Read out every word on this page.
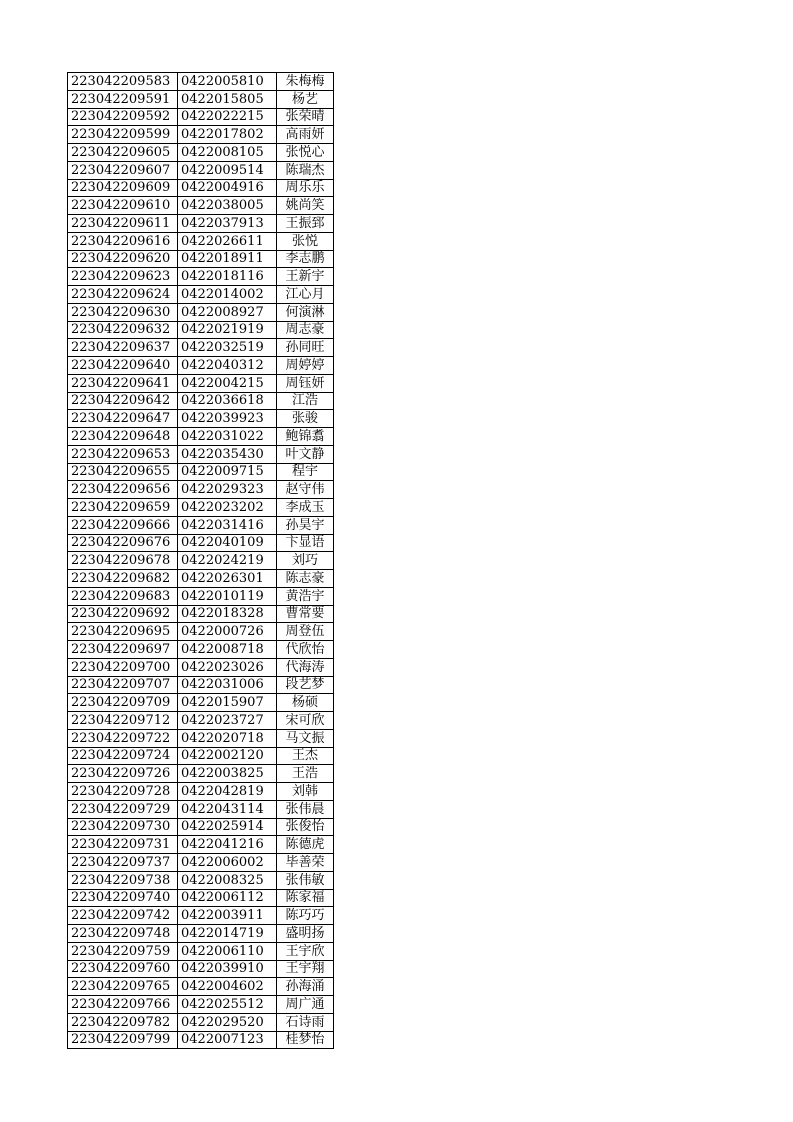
223042209583	0422005810	朱梅梅
223042209591	0422015805	杨艺
223042209592	0422022215	张荣晴
223042209599	0422017802	高雨妍
223042209605	0422008105	张悦心
223042209607	0422009514	陈瑞杰
223042209609	0422004916	周乐乐
223042209610	0422038005	姚尚笑
223042209611	0422037913	王振郅
223042209616	0422026611	张悦
223042209620	0422018911	李志鹏
223042209623	0422018116	王新宇
223042209624	0422014002	江心月
223042209630	0422008927	何演淋
223042209632	0422021919	周志豪
223042209637	0422032519	孙同旺
223042209640	0422040312	周婷婷
223042209641	0422004215	周钰妍
223042209642	0422036618	江浩
223042209647	0422039923	张骏
223042209648	0422031022	鲍锦翥
223042209653	0422035430	叶文静
223042209655	0422009715	程宇
223042209656	0422029323	赵守伟
223042209659	0422023202	李成玉
223042209666	0422031416	孙昊宇
223042209676	0422040109	卞显语
223042209678	0422024219	刘巧
223042209682	0422026301	陈志豪
223042209683	0422010119	黄浩宇
223042209692	0422018328	曹常要
223042209695	0422000726	周登伍
223042209697	0422008718	代欣怡
223042209700	0422023026	代海涛
223042209707	0422031006	段艺梦
223042209709	0422015907	杨硕
223042209712	0422023727	宋可欣
223042209722	0422020718	马文振
223042209724	0422002120	王杰
223042209726	0422003825	王浩
223042209728	0422042819	刘韩
223042209729	0422043114	张伟晨
223042209730	0422025914	张俊怡
223042209731	0422041216	陈德虎
223042209737	0422006002	毕善荣
223042209738	0422008325	张伟敏
223042209740	0422006112	陈家福
223042209742	0422003911	陈巧巧
223042209748	0422014719	盛明扬
223042209759	0422006110	王宇欣
223042209760	0422039910	王宇翔
223042209765	0422004602	孙海涌
223042209766	0422025512	周广通
223042209782	0422029520	石诗雨
223042209799	0422007123	桂梦怡
